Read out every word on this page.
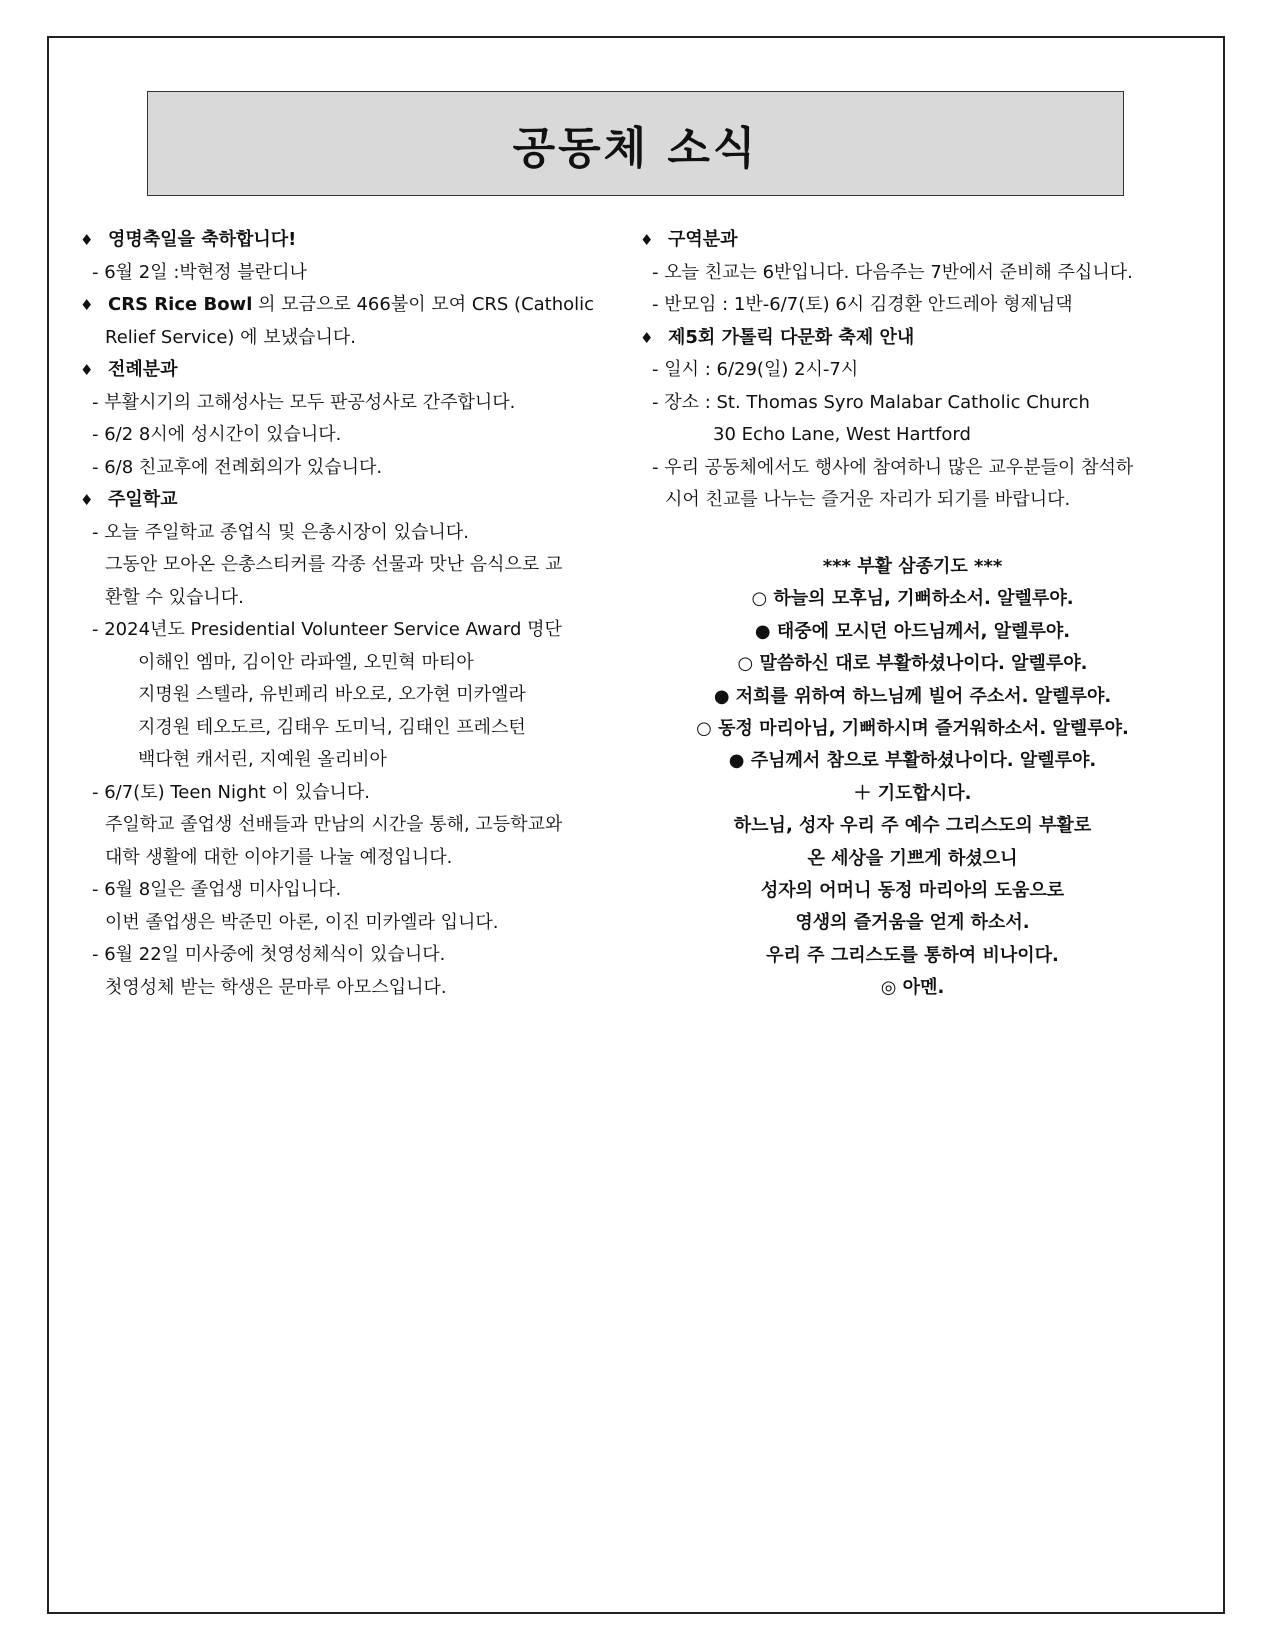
공동체 소식
♦ 영명축일을 축하합니다!
- 6월 2일 :박현정 블란디나
♦ CRS Rice Bowl 의 모금으로 466불이 모여 CRS (Catholic
Relief Service) 에 보냈습니다.
♦ 전례분과
- 부활시기의 고해성사는 모두 판공성사로 간주합니다.
- 6/2 8시에 성시간이 있습니다.
- 6/8 친교후에 전례회의가 있습니다.
♦ 주일학교
- 오늘 주일학교 종업식 및 은총시장이 있습니다.
그동안 모아온 은총스티커를 각종 선물과 맛난 음식으로 교
환할 수 있습니다.
- 2024년도 Presidential Volunteer Service Award 명단
이해인 엠마, 김이안 라파엘, 오민혁 마티아
지명원 스텔라, 유빈페리 바오로, 오가현 미카엘라
지경원 테오도르, 김태우 도미닉, 김태인 프레스턴
백다현 캐서린, 지예원 올리비아
- 6/7(토) Teen Night 이 있습니다.
주일학교 졸업생 선배들과 만남의 시간을 통해, 고등학교와
대학 생활에 대한 이야기를 나눌 예정입니다.
- 6월 8일은 졸업생 미사입니다.
이번 졸업생은 박준민 아론, 이진 미카엘라 입니다.
- 6월 22일 미사중에 첫영성체식이 있습니다.
첫영성체 받는 학생은 문마루 아모스입니다.
♦ 구역분과
- 오늘 친교는 6반입니다. 다음주는 7반에서 준비해 주십니다.
- 반모임 : 1반-6/7(토) 6시 김경환 안드레아 형제님댁
♦ 제5회 가톨릭 다문화 축제 안내
- 일시 : 6/29(일) 2시-7시
- 장소 : St. Thomas Syro Malabar Catholic Church
30 Echo Lane, West Hartford
- 우리 공동체에서도 행사에 참여하니 많은 교우분들이 참석하
시어 친교를 나누는 즐거운 자리가 되기를 바랍니다.
*** 부활 삼종기도 ***
○ 하늘의 모후님, 기뻐하소서. 알렐루야.
● 태중에 모시던 아드님께서, 알렐루야.
○ 말씀하신 대로 부활하셨나이다. 알렐루야.
● 저희를 위하여 하느님께 빌어 주소서. 알렐루야.
○ 동정 마리아님, 기뻐하시며 즐거워하소서. 알렐루야.
● 주님께서 참으로 부활하셨나이다. 알렐루야.
＋ 기도합시다.
하느님, 성자 우리 주 예수 그리스도의 부활로
온 세상을 기쁘게 하셨으니
성자의 어머니 동정 마리아의 도움으로
영생의 즐거움을 얻게 하소서.
우리 주 그리스도를 통하여 비나이다.
◎ 아멘.
